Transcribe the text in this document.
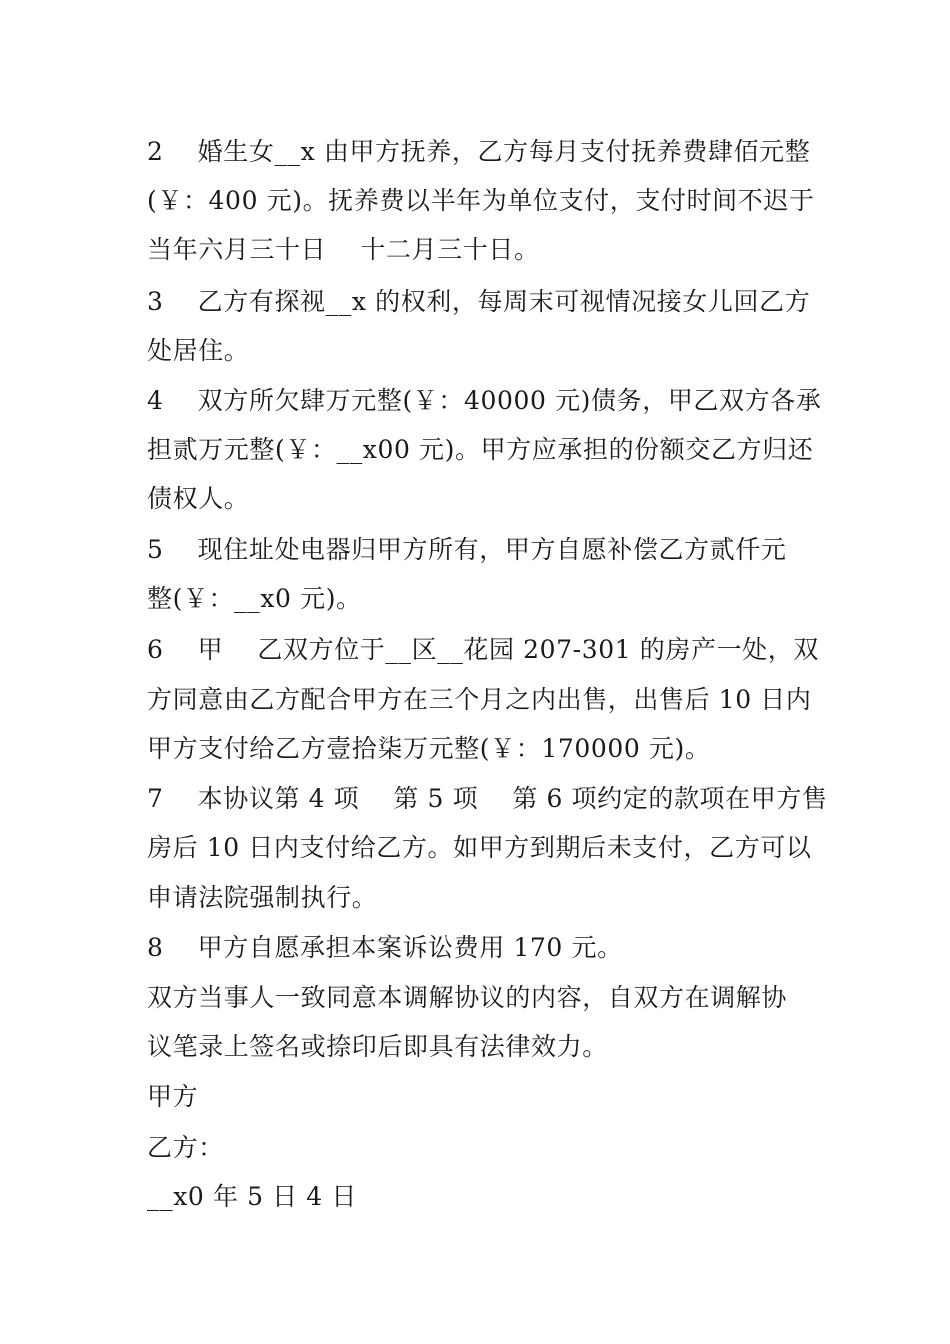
2　 婚生女__x 由甲方抚养，乙方每月支付抚养费肆佰元整
(￥：400 元)。抚养费以半年为单位支付，支付时间不迟于
当年六月三十日　 十二月三十日。
3　 乙方有探视__x 的权利，每周末可视情况接女儿回乙方
处居住。
4　 双方所欠肆万元整(￥：40000 元)债务，甲乙双方各承
担贰万元整(￥：__x00 元)。甲方应承担的份额交乙方归还
债权人。
5　 现住址处电器归甲方所有，甲方自愿补偿乙方贰仟元
整(￥：__x0 元)。
6　 甲　 乙双方位于__区__花园 207-301 的房产一处，双
方同意由乙方配合甲方在三个月之内出售，出售后 10 日内
甲方支付给乙方壹拾柒万元整(￥：170000 元)。
7　 本协议第 4 项　 第 5 项　 第 6 项约定的款项在甲方售
房后 10 日内支付给乙方。如甲方到期后未支付，乙方可以
申请法院强制执行。
8　 甲方自愿承担本案诉讼费用 170 元。
双方当事人一致同意本调解协议的内容，自双方在调解协
议笔录上签名或捺印后即具有法律效力。
甲方
乙方：
__x0 年 5 日 4 日
